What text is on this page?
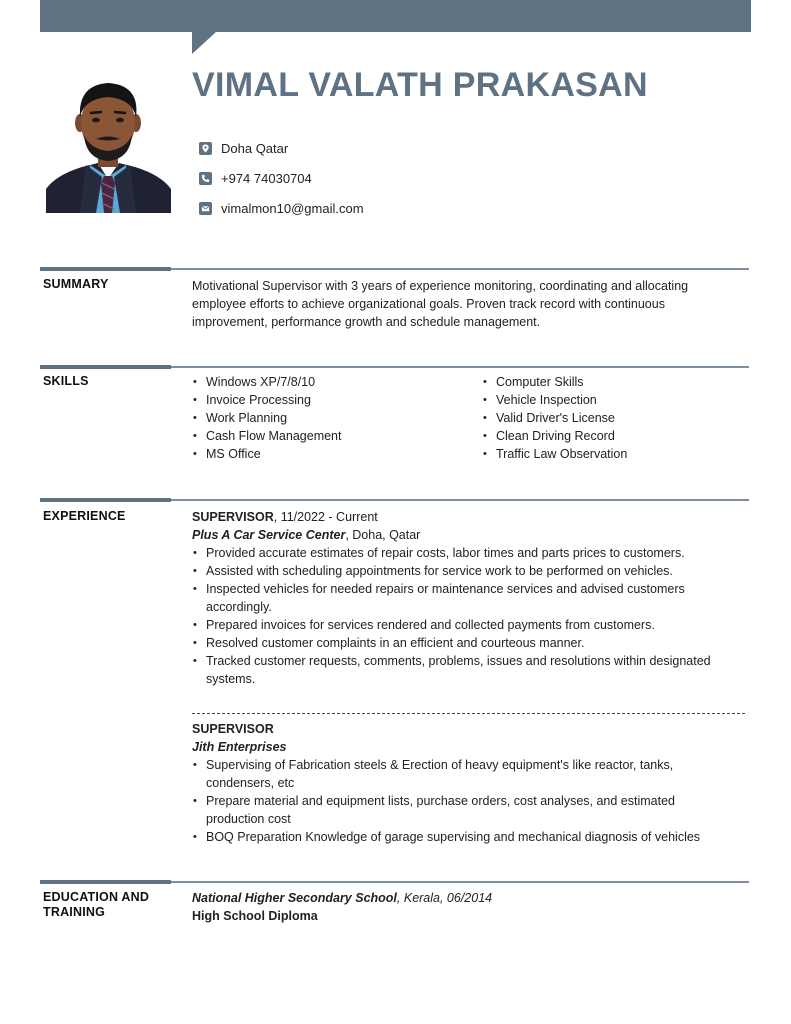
VIMAL VALATH PRAKASAN
Doha Qatar
+974 74030704
vimalmon10@gmail.com
SUMMARY	Motivational Supervisor with 3 years of experience monitoring, coordinating and allocating
employee efforts to achieve organizational goals. Proven track record with continuous
improvement, performance growth and schedule management.
SKILLS
•	Windows XP/7/8/10
• Invoice Processing
• Work Planning
• Cash Flow Management
• MS Office
• Computer Skills
• Vehicle Inspection
• Valid Driver's License
• Clean Driving Record
• Traffic Law Observation
EXPERIENCE	SUPERVISOR, 11/2022 - Current
Plus A Car Service Center, Doha, Qatar
• Provided accurate estimates of repair costs, labor times and parts prices to customers.
• Assisted with scheduling appointments for service work to be performed on vehicles.
• Inspected vehicles for needed repairs or maintenance services and advised customers
accordingly.
• Prepared invoices for services rendered and collected payments from customers.
• Resolved customer complaints in an efficient and courteous manner.
• Tracked customer requests, comments, problems, issues and resolutions within designated
systems.
SUPERVISOR
Jith Enterprises
• Supervising of Fabrication steels & Erection of heavy equipment's like reactor, tanks,
condensers, etc
• Prepare material and equipment lists, purchase orders, cost analyses, and estimated
production cost
• BOQ Preparation Knowledge of garage supervising and mechanical diagnosis of vehicles
EDUCATION AND
TRAINING
National Higher Secondary School, Kerala, 06/2014
High School Diploma
